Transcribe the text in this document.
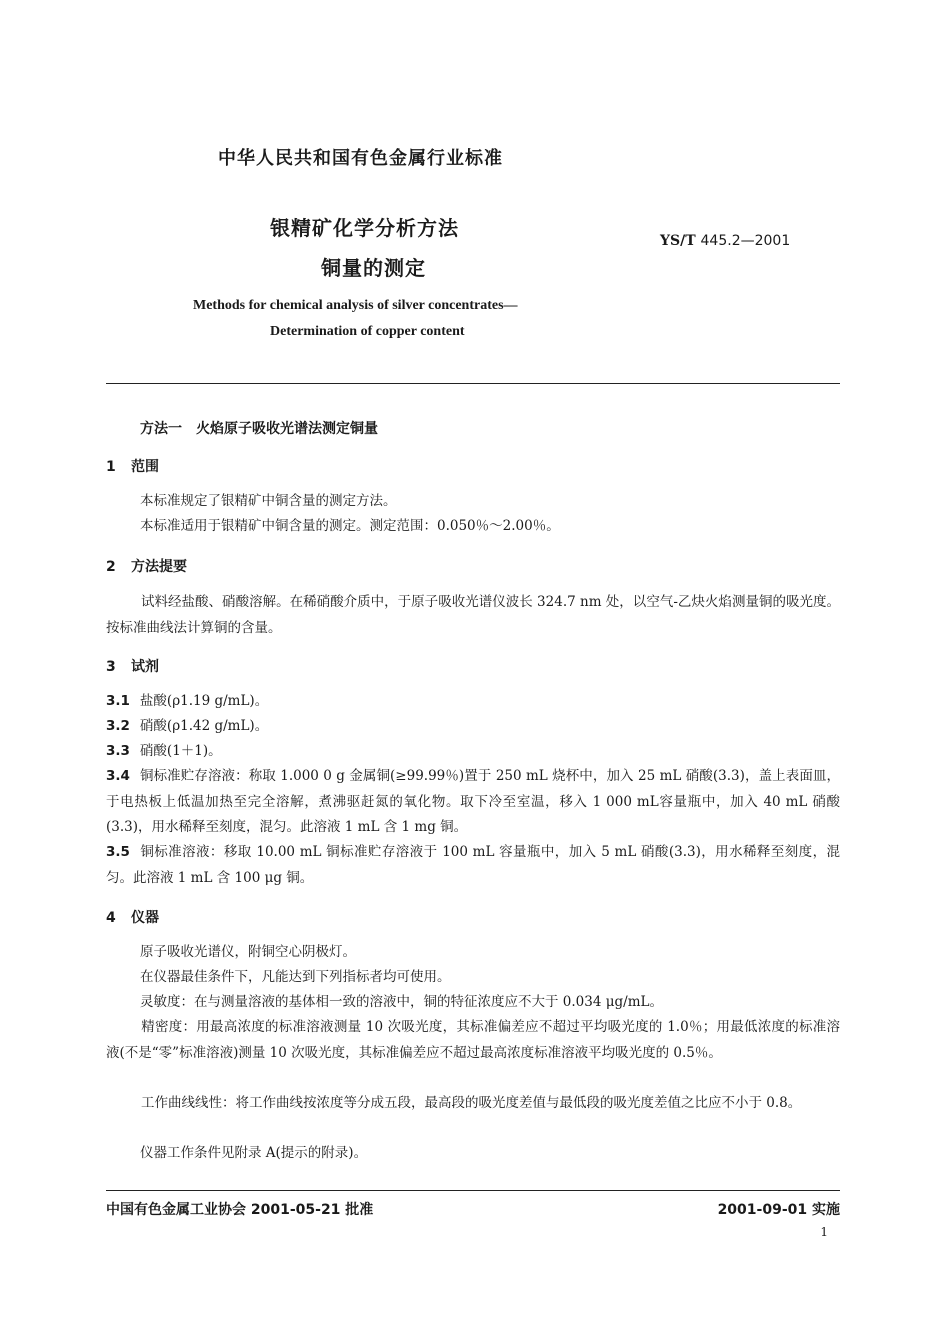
中华人民共和国有色金属行业标准
银精矿化学分析方法
铜量的测定
YS/T 445.2—2001
Methods for chemical analysis of silver concentrates—
Determination of copper content
方法一　火焰原子吸收光谱法测定铜量
1 范围
本标准规定了银精矿中铜含量的测定方法。
本标准适用于银精矿中铜含量的测定。测定范围：0.050％～2.00％。
2 方法提要
试料经盐酸、硝酸溶解。在稀硝酸介质中，于原子吸收光谱仪波长 324.7 nm 处，以空气-乙炔火焰测量铜的吸光度。按标准曲线法计算铜的含量。
3 试剂
3.1 盐酸(ρ1.19 g/mL)。
3.2 硝酸(ρ1.42 g/mL)。
3.3 硝酸(1＋1)。
3.4 铜标准贮存溶液：称取 1.000 0 g 金属铜(≥99.99％)置于 250 mL 烧杯中，加入 25 mL 硝酸(3.3)，盖上表面皿，于电热板上低温加热至完全溶解，煮沸驱赶氮的氧化物。取下冷至室温，移入 1 000 mL容量瓶中，加入 40 mL 硝酸(3.3)，用水稀释至刻度，混匀。此溶液 1 mL 含 1 mg 铜。
3.5 铜标准溶液：移取 10.00 mL 铜标准贮存溶液于 100 mL 容量瓶中，加入 5 mL 硝酸(3.3)，用水稀释至刻度，混匀。此溶液 1 mL 含 100 μg 铜。
4 仪器
原子吸收光谱仪，附铜空心阴极灯。
在仪器最佳条件下，凡能达到下列指标者均可使用。
灵敏度：在与测量溶液的基体相一致的溶液中，铜的特征浓度应不大于 0.034 μg/mL。
精密度：用最高浓度的标准溶液测量 10 次吸光度，其标准偏差应不超过平均吸光度的 1.0％；用最低浓度的标准溶液(不是“零”标准溶液)测量 10 次吸光度，其标准偏差应不超过最高浓度标准溶液平均吸光度的 0.5％。
工作曲线线性：将工作曲线按浓度等分成五段，最高段的吸光度差值与最低段的吸光度差值之比应不小于 0.8。
仪器工作条件见附录 A(提示的附录)。
中国有色金属工业协会 2001-05-21 批准	2001-09-01 实施
1
